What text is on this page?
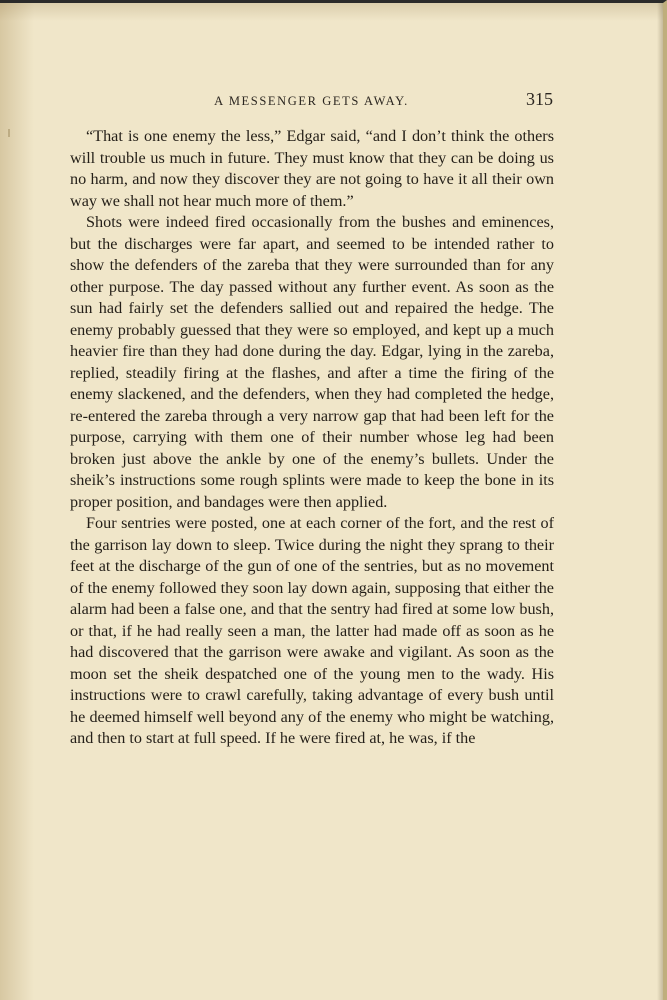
A MESSENGER GETS AWAY.	315

“That is one enemy the less,” Edgar said, “and I don’t think the others will trouble us much in future. They must know that they can be doing us no harm, and now they discover they are not going to have it all their own way we shall not hear much more of them.”

Shots were indeed fired occasionally from the bushes and eminences, but the discharges were far apart, and seemed to be intended rather to show the defenders of the zareba that they were surrounded than for any other purpose. The day passed without any further event. As soon as the sun had fairly set the defenders sallied out and repaired the hedge. The enemy probably guessed that they were so employed, and kept up a much heavier fire than they had done during the day. Edgar, lying in the zareba, replied, steadily firing at the flashes, and after a time the firing of the enemy slackened, and the defenders, when they had completed the hedge, re-entered the zareba through a very narrow gap that had been left for the purpose, carrying with them one of their number whose leg had been broken just above the ankle by one of the enemy’s bullets. Under the sheik’s instructions some rough splints were made to keep the bone in its proper position, and bandages were then applied.

Four sentries were posted, one at each corner of the fort, and the rest of the garrison lay down to sleep. Twice during the night they sprang to their feet at the discharge of the gun of one of the sentries, but as no movement of the enemy followed they soon lay down again, supposing that either the alarm had been a false one, and that the sentry had fired at some low bush, or that, if he had really seen a man, the latter had made off as soon as he had discovered that the garrison were awake and vigilant. As soon as the moon set the sheik despatched one of the young men to the wady. His instructions were to crawl carefully, taking advantage of every bush until he deemed himself well beyond any of the enemy who might be watching, and then to start at full speed. If he were fired at, he was, if the
